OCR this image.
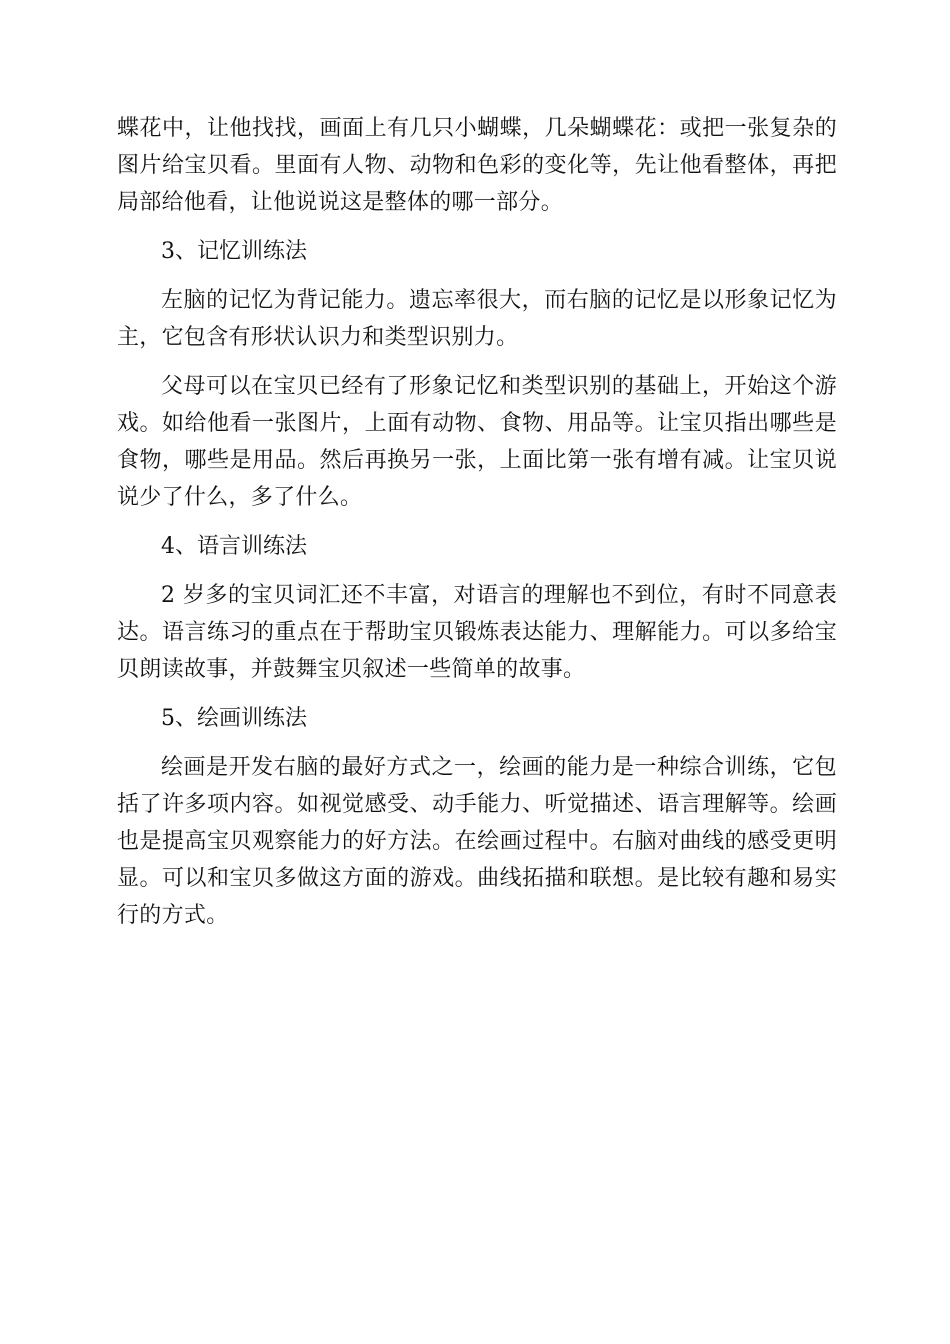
蝶花中，让他找找，画面上有几只小蝴蝶，几朵蝴蝶花：或把一张复杂的图片给宝贝看。里面有人物、动物和色彩的变化等，先让他看整体，再把局部给他看，让他说说这是整体的哪一部分。

3、记忆训练法

左脑的记忆为背记能力。遗忘率很大，而右脑的记忆是以形象记忆为主，它包含有形状认识力和类型识别力。

父母可以在宝贝已经有了形象记忆和类型识别的基础上，开始这个游戏。如给他看一张图片，上面有动物、食物、用品等。让宝贝指出哪些是食物，哪些是用品。然后再换另一张，上面比第一张有增有减。让宝贝说说少了什么，多了什么。

4、语言训练法

2 岁多的宝贝词汇还不丰富，对语言的理解也不到位，有时不同意表达。语言练习的重点在于帮助宝贝锻炼表达能力、理解能力。可以多给宝贝朗读故事，并鼓舞宝贝叙述一些简单的故事。

5、绘画训练法

绘画是开发右脑的最好方式之一，绘画的能力是一种综合训练，它包括了许多项内容。如视觉感受、动手能力、听觉描述、语言理解等。绘画也是提高宝贝观察能力的好方法。在绘画过程中。右脑对曲线的感受更明显。可以和宝贝多做这方面的游戏。曲线拓描和联想。是比较有趣和易实行的方式。
